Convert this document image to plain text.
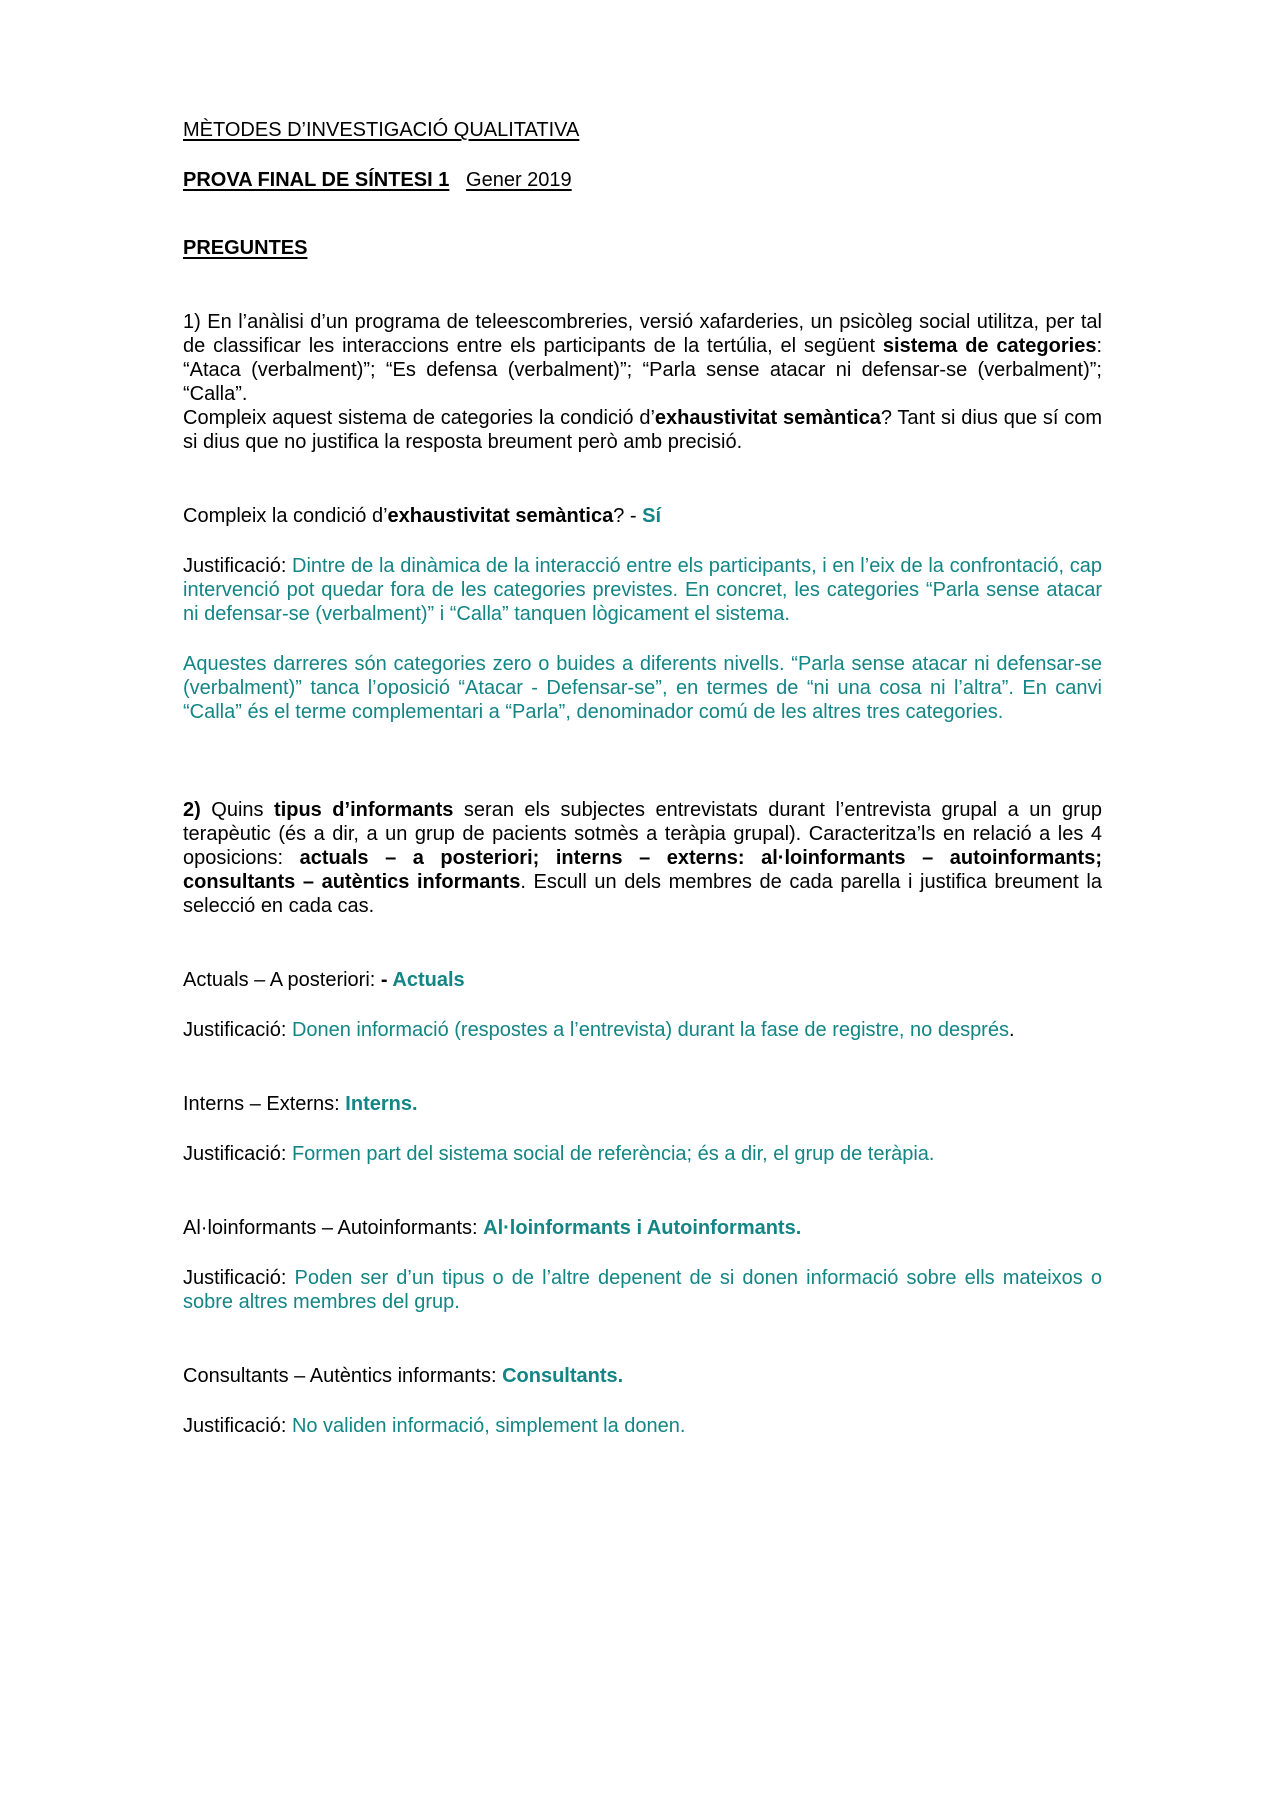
MÈTODES D’INVESTIGACIÓ QUALITATIVA

PROVA FINAL DE SÍNTESI 1 Gener 2019

PREGUNTES

1) En l’anàlisi d’un programa de teleescombreries, versió xafarderies, un psicòleg social utilitza, per tal de classificar les interaccions entre els participants de la tertúlia, el següent sistema de categories: “Ataca (verbalment)”; “Es defensa (verbalment)”; “Parla sense atacar ni defensar-se (verbalment)”; “Calla”.

Compleix aquest sistema de categories la condició d’exhaustivitat semàntica? Tant si dius que sí com si dius que no justifica la resposta breument però amb precisió.

Compleix la condició d’exhaustivitat semàntica? - Sí

Justificació: Dintre de la dinàmica de la interacció entre els participants, i en l’eix de la confrontació, cap intervenció pot quedar fora de les categories previstes. En concret, les categories “Parla sense atacar ni defensar-se (verbalment)” i “Calla” tanquen lògicament el sistema.

Aquestes darreres són categories zero o buides a diferents nivells. “Parla sense atacar ni defensar-se (verbalment)” tanca l’oposició “Atacar - Defensar-se”, en termes de “ni una cosa ni l’altra”. En canvi “Calla” és el terme complementari a “Parla”, denominador comú de les altres tres categories.

2) Quins tipus d’informants seran els subjectes entrevistats durant l’entrevista grupal a un grup terapèutic (és a dir, a un grup de pacients sotmès a teràpia grupal). Caracteritza’ls en relació a les 4 oposicions: actuals – a posteriori; interns – externs: al·loinformants – autoinformants; consultants – autèntics informants. Escull un dels membres de cada parella i justifica breument la selecció en cada cas.

Actuals – A posteriori: - Actuals

Justificació: Donen informació (respostes a l’entrevista) durant la fase de registre, no després.

Interns – Externs: Interns.

Justificació: Formen part del sistema social de referència; és a dir, el grup de teràpia.

Al·loinformants – Autoinformants: Al·loinformants i Autoinformants.

Justificació: Poden ser d’un tipus o de l’altre depenent de si donen informació sobre ells mateixos o sobre altres membres del grup.

Consultants – Autèntics informants: Consultants.

Justificació: No validen informació, simplement la donen.
